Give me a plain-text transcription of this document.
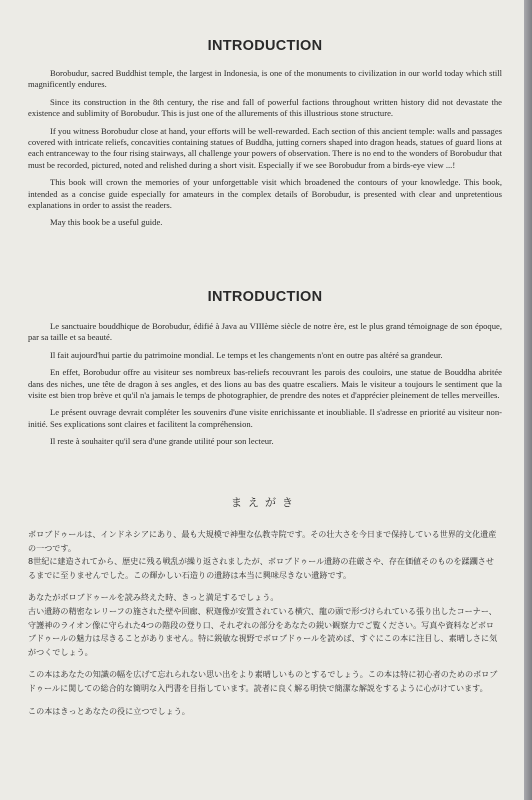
INTRODUCTION

Borobudur, sacred Buddhist temple, the largest in Indonesia, is one of the monuments to civilization in our world today which still magnificently endures.

Since its construction in the 8th century, the rise and fall of powerful factions throughout written history did not devastate the existence and sublimity of Borobudur. This is just one of the allurements of this illustrious stone structure.

If you witness Borobudur close at hand, your efforts will be well-rewarded. Each section of this ancient temple: walls and passages covered with intricate reliefs, concavities containing statues of Buddha, jutting corners shaped into dragon heads, statues of guard lions at each entranceway to the four rising stairways, all challenge your powers of observation. There is no end to the wonders of Borobudur that must be recorded, pictured, noted and relished during a short visit. Especially if we see Borobudur from a birds-eye view ...!

This book will crown the memories of your unforgettable visit which broadened the contours of your knowledge. This book, intended as a concise guide especially for amateurs in the complex details of Borobudur, is presented with clear and unpretentious explanations in order to assist the readers.

May this book be a useful guide.

INTRODUCTION

Le sanctuaire bouddhique de Borobudur, édifié à Java au VIIIème siècle de notre ère, est le plus grand témoignage de son époque, par sa taille et sa beauté.

Il fait aujourd'hui partie du patrimoine mondial. Le temps et les changements n'ont en outre pas altéré sa grandeur.

En effet, Borobudur offre au visiteur ses nombreux bas-reliefs recouvrant les parois des couloirs, une statue de Bouddha abritée dans des niches, une tête de dragon à ses angles, et des lions au bas des quatre escaliers. Mais le visiteur a toujours le sentiment que la visite est bien trop brève et qu'il n'a jamais le temps de photographier, de prendre des notes et d'apprécier pleinement de telles merveilles.

Le présent ouvrage devrait compléter les souvenirs d'une visite enrichissante et inoubliable. Il s'adresse en priorité au visiteur non-initié. Ses explications sont claires et facilitent la compréhension.

Il reste à souhaiter qu'il sera d'une grande utilité pour son lecteur.

まえがき

ボロブドゥールは、インドネシアにあり、最も大規模で神聖な仏教寺院です。その壮大さを今日まで保持している世界的文化遺産の一つです。
8世紀に建造されてから、歴史に残る戦乱が繰り返されましたが、ボロブドゥール遺跡の荘厳さや、存在価値そのものを蹂躙させるまでに至りませんでした。この輝かしい石造りの遺跡は本当に興味尽きない遺跡です。

あなたがボロブドゥールを読み終えた時、きっと満足するでしょう。
古い遺跡の精密なレリーフの施された壁や回廊、釈迦像が安置されている横穴、龍の頭で形づけられている張り出したコーナー、守護神のライオン像に守られた4つの階段の登り口、それぞれの部分をあなたの鋭い観察力でご覧ください。写真や資料などボロブドゥールの魅力は尽きることがありません。特に鋭敏な視野でボロブドゥールを読めば、すぐにこの本に注目し、素晴しさに気がつくでしょう。

この本はあなたの知識の幅を広げて忘れられない思い出をより素晴しいものとするでしょう。この本は特に初心者のためのボロブドゥールに関しての総合的な簡明な入門書を目指しています。読者に良く解る明快で簡潔な解説をするように心がけています。

この本はきっとあなたの役に立つでしょう。
